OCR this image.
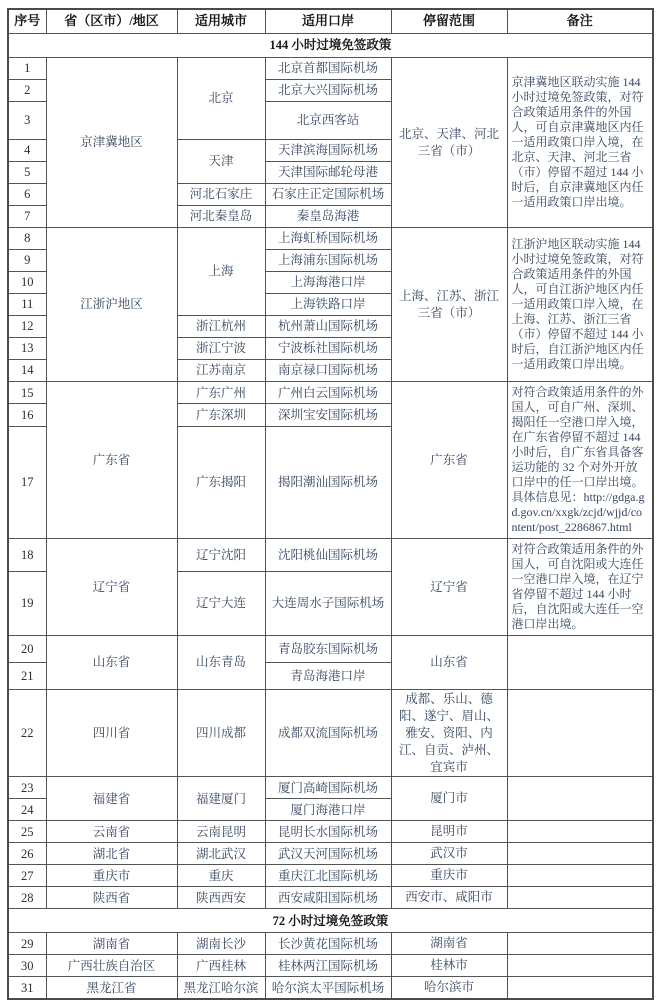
序号	省（区市）/地区	适用城市	适用口岸	停留范围	备注
144 小时过境免签政策					
1	京津冀地区	北京	北京首都国际机场	北京、天津、河北三省（市）	京津冀地区联动实施 144 小时过境免签政策，对符合政策适用条件的外国人，可自京津冀地区内任一适用政策口岸入境，在北京、天津、河北三省（市）停留不超过 144 小时后，自京津冀地区内任一适用政策口岸出境。
2			北京大兴国际机场		
3			北京西客站		
4		天津	天津滨海国际机场		
5			天津国际邮轮母港		
6		河北石家庄	石家庄正定国际机场		
7		河北秦皇岛	秦皇岛海港		
8	江浙沪地区	上海	上海虹桥国际机场	上海、江苏、浙江三省（市）	江浙沪地区联动实施 144 小时过境免签政策，对符合政策适用条件的外国人，可自江浙沪地区内任一适用政策口岸入境，在上海、江苏、浙江三省（市）停留不超过 144 小时后，自江浙沪地区内任一适用政策口岸出境。
9			上海浦东国际机场		
10			上海海港口岸		
11			上海铁路口岸		
12		浙江杭州	杭州萧山国际机场		
13		浙江宁波	宁波栎社国际机场		
14		江苏南京	南京禄口国际机场		
15	广东省	广东广州	广州白云国际机场	广东省	对符合政策适用条件的外国人，可自广州、深圳、揭阳任一空港口岸入境，在广东省停留不超过 144 小时后，自广东省具备客运功能的 32 个对外开放口岸中的任一口岸出境。具体信息见：http://gdga.gd.gov.cn/xxgk/zcjd/wjjd/content/post_2286867.html
16		广东深圳	深圳宝安国际机场		
17		广东揭阳	揭阳潮汕国际机场		
18	辽宁省	辽宁沈阳	沈阳桃仙国际机场	辽宁省	对符合政策适用条件的外国人，可自沈阳或大连任一空港口岸入境，在辽宁省停留不超过 144 小时后，自沈阳或大连任一空港口岸出境。
19		辽宁大连	大连周水子国际机场		
20	山东省	山东青岛	青岛胶东国际机场	山东省	
21			青岛海港口岸		
22	四川省	四川成都	成都双流国际机场	成都、乐山、德阳、遂宁、眉山、雅安、资阳、内江、自贡、泸州、宜宾市	
23	福建省	福建厦门	厦门高崎国际机场	厦门市	
24			厦门海港口岸		
25	云南省	云南昆明	昆明长水国际机场	昆明市	
26	湖北省	湖北武汉	武汉天河国际机场	武汉市	
27	重庆市	重庆	重庆江北国际机场	重庆市	
28	陕西省	陕西西安	西安咸阳国际机场	西安市、咸阳市	
72 小时过境免签政策					
29	湖南省	湖南长沙	长沙黄花国际机场	湖南省	
30	广西壮族自治区	广西桂林	桂林两江国际机场	桂林市	
31	黑龙江省	黑龙江哈尔滨	哈尔滨太平国际机场	哈尔滨市	
